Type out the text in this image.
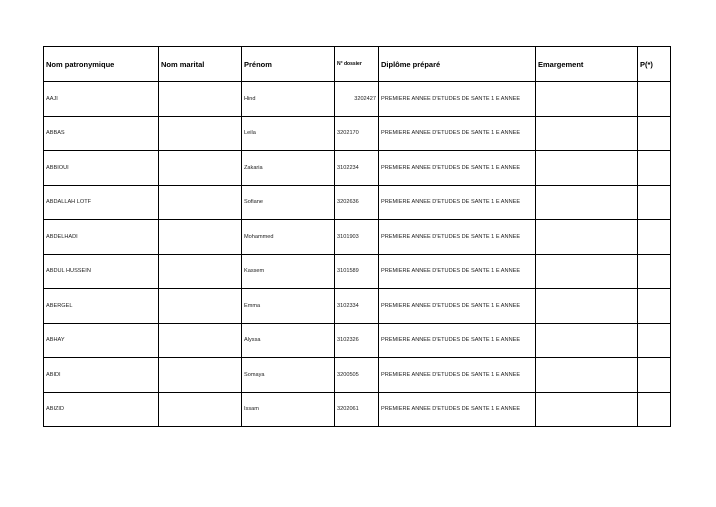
Nom patronymique	Nom marital	Prénom	N° dossier	Diplôme préparé	Emargement	P(*)
AAJI		Hind	3202427	PREMIERE ANNEE D'ETUDES DE SANTE 1 E ANNEE		
ABBAS		Leila	3202170	PREMIERE ANNEE D'ETUDES DE SANTE 1 E ANNEE		
ABBIOUI		Zakaria	3102234	PREMIERE ANNEE D'ETUDES DE SANTE 1 E ANNEE		
ABDALLAH LOTF		Sofiane	3202636	PREMIERE ANNEE D'ETUDES DE SANTE 1 E ANNEE		
ABDELHADI		Mohammed	3101903	PREMIERE ANNEE D'ETUDES DE SANTE 1 E ANNEE		
ABDUL HUSSEIN		Kassem	3101589	PREMIERE ANNEE D'ETUDES DE SANTE 1 E ANNEE		
ABERGEL		Emma	3102334	PREMIERE ANNEE D'ETUDES DE SANTE 1 E ANNEE		
ABHAY		Alyssa	3102326	PREMIERE ANNEE D'ETUDES DE SANTE 1 E ANNEE		
ABIDI		Somaya	3200505	PREMIERE ANNEE D'ETUDES DE SANTE 1 E ANNEE		
ABIZID		Issam	3202061	PREMIERE ANNEE D'ETUDES DE SANTE 1 E ANNEE		
